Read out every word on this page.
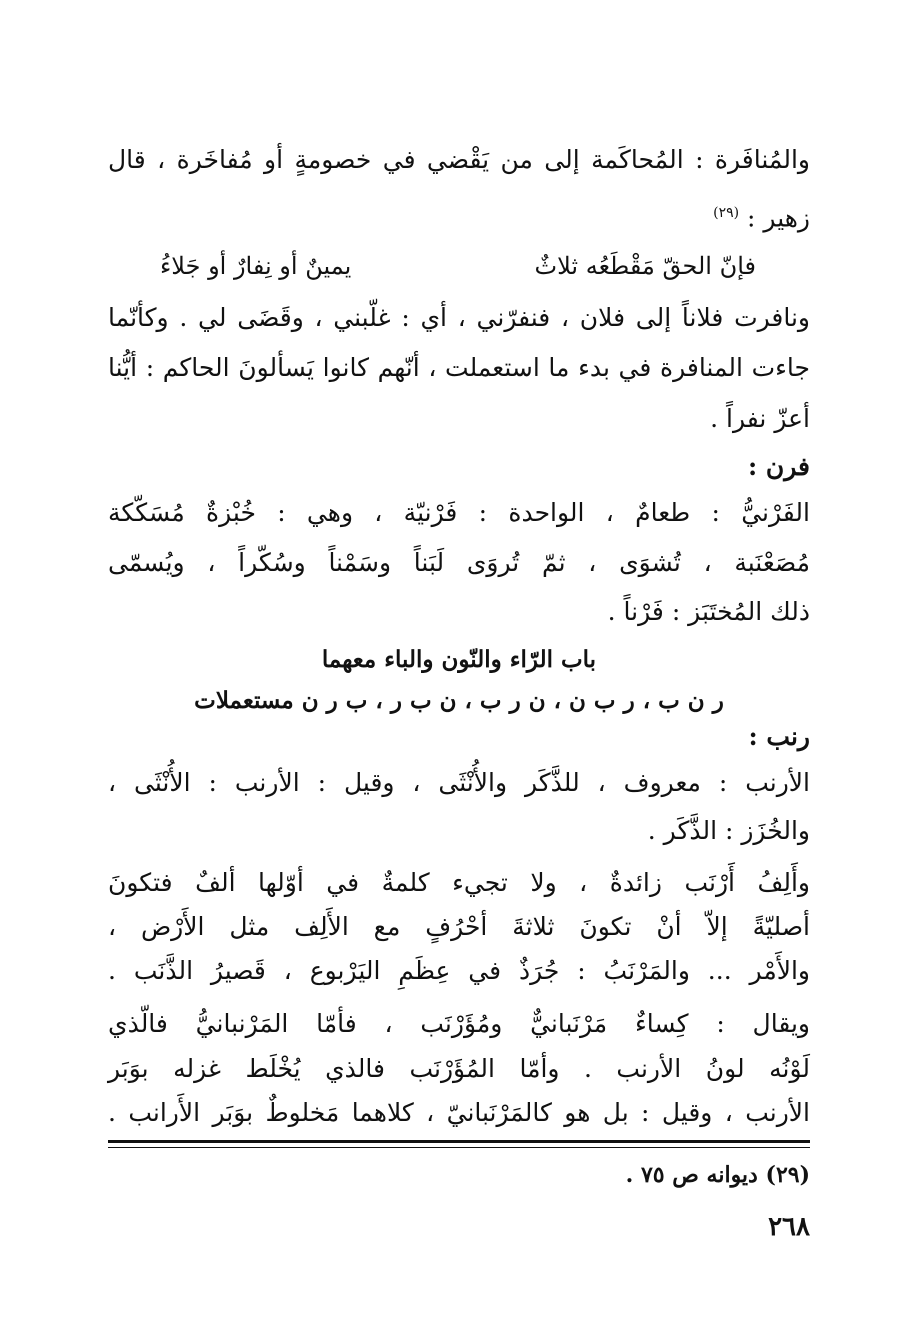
والمُنافَرة : المُحاكَمة إلى من يَقْضي في خصومةٍ أو مُفاخَرة ، قال
زهير : $^{(٢٩)}$
فإنّ الحقّ مَقْطَعُه ثلاثٌ
يمينٌ أو نِفارٌ أو جَلاءُ
ونافرت فلاناً إلى فلان ، فنفرّني ، أي : غلّبني ، وقَضَى لي . وكأنّما
جاءت المنافرة في بدء ما استعملت ، أنّهم كانوا يَسألونَ الحاكم : أيُّنا
أعزّ نفراً .
فرن :
الفَرْنيُّ : طعامٌ ، الواحدة : فَرْنيّة ، وهي : خُبْزةٌ مُسَكّكة
مُصَعْنَبة ، تُشوَى ، ثمّ تُروَى لَبَناً وسَمْناً وسُكّراً ، ويُسمّى
ذلك المُختَبَز : فَرْناً .
باب الرّاء والنّون والباء معهما
ر ن ب ، ر ب ن ، ن ر ب ، ن ب ر ، ب ر ن مستعملات
رنب :
الأرنب : معروف ، للذَّكَر والأُنْثَى ، وقيل : الأرنب : الأُنْثَى ،
والخُزَز : الذَّكَر .
وأَلِفُ أَرْنَب زائدةٌ ، ولا تجيء كلمةٌ في أوّلها ألفٌ فتكونَ
أصليّةً إلاّ أنْ تكونَ ثلاثةَ أحْرُفٍ مع الأَلِف مثل الأَرْض ،
والأَمْر ... والمَرْنَبُ : جُرَذٌ في عِظَمِ اليَرْبوع ، قَصيرُ الذَّنَب .
ويقال : كِساءٌ مَرْنَبانيٌّ ومُؤَرْنَب ، فأمّا المَرْنبانيُّ فالّذي
لَوْنُه لونُ الأرنب . وأمّا المُؤَرْنَب فالذي يُخْلَط غزله بوَبَر
الأرنب ، وقيل : بل هو كالمَرْنَبانيّ ، كلاهما مَخلوطٌ بوَبَر الأَرانب .
(٢٩) ديوانه ص ٧٥ .
٢٦٨
